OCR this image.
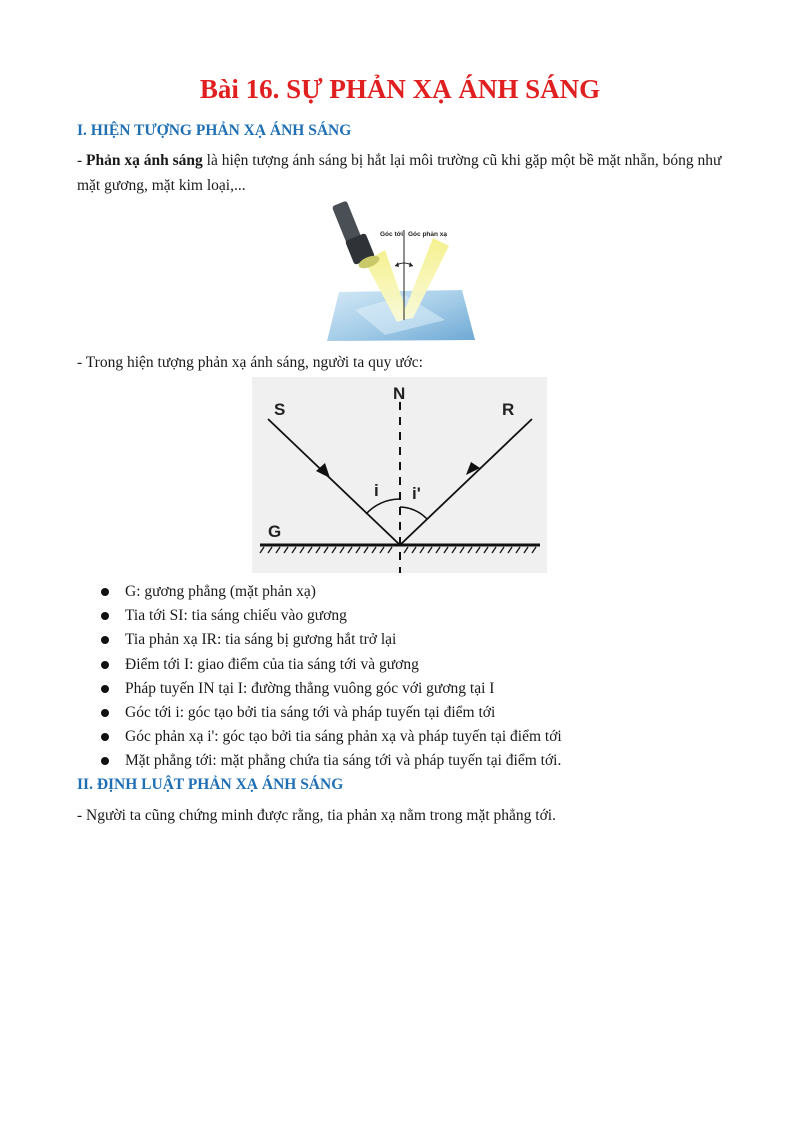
Bài 16. SỰ PHẢN XẠ ÁNH SÁNG
I. HIỆN TƯỢNG PHẢN XẠ ÁNH SÁNG
- Phản xạ ánh sáng là hiện tượng ánh sáng bị hắt lại môi trường cũ khi gặp một bề mặt nhẵn, bóng như mặt gương, mặt kim loại,...
Góc tới Góc phản xạ
- Trong hiện tượng phản xạ ánh sáng, người ta quy ước:
S
N
R
i i'
G
I
G: gương phẳng (mặt phản xạ)
Tia tới SI: tia sáng chiếu vào gương
Tia phản xạ IR: tia sáng bị gương hắt trở lại
Điểm tới I: giao điểm của tia sáng tới và gương
Pháp tuyến IN tại I: đường thẳng vuông góc với gương tại I
Góc tới i: góc tạo bởi tia sáng tới và pháp tuyến tại điểm tới
Góc phản xạ i': góc tạo bởi tia sáng phản xạ và pháp tuyến tại điểm tới
Mặt phẳng tới: mặt phẳng chứa tia sáng tới và pháp tuyến tại điểm tới.
II. ĐỊNH LUẬT PHẢN XẠ ÁNH SÁNG
- Người ta cũng chứng minh được rằng, tia phản xạ nằm trong mặt phẳng tới.
